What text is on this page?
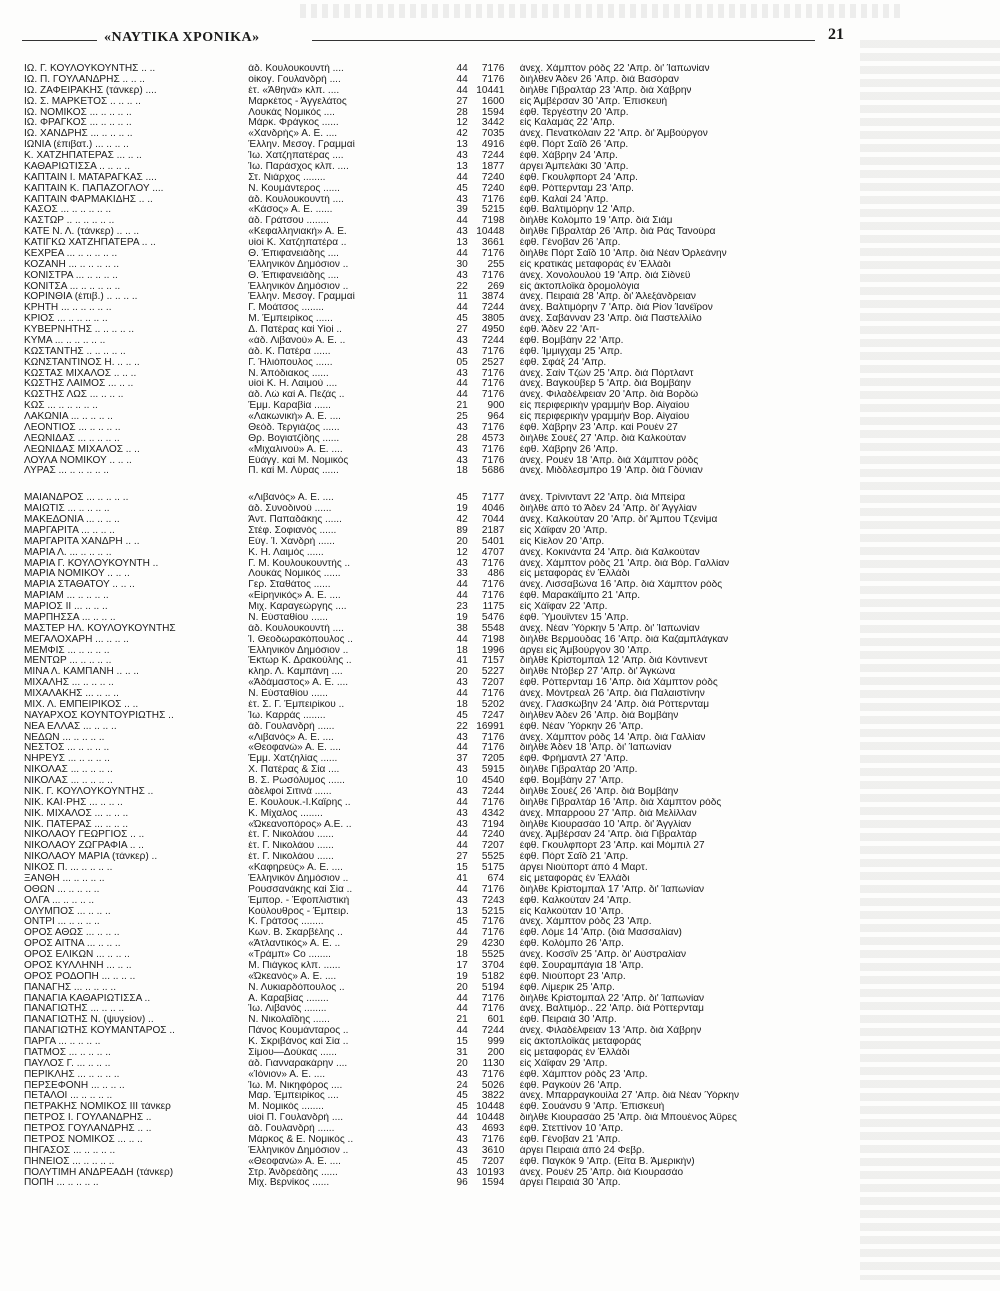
«ΝΑΥΤΙΚΑ ΧΡΟΝΙΚΑ»	21
ΙΩ. Γ. ΚΟΥΛΟΥΚΟΥΝΤΗΣ .. ..	άδ. Κουλουκουντή ....	44	7176 άνεχ. Χάμπτον ρόδς 22 'Απρ. δι' Ίαπωνίαν
ΙΩ. Π. ΓΟΥΛΑΝΔΡΗΣ .. .. ..	οίκογ. Γουλανδρή ....	44	7176 διήλθεν Άδεν 26 'Απρ. διά Βασόραν
ΙΩ. ΖΑΦΕΙΡΑΚΗΣ (τάνκερ) ....	έτ. «Άθηνά» κλπ. ....	44 10441 διήλθε Γιβραλτάρ 23 'Απρ. διά Χάβρην
ΙΩ. Σ. ΜΑΡΚΕΤΟΣ .. .. .. ..	Μαρκέτος - Άγγελάτος	27	1600 είς Άμβέρσαν 30 'Απρ. Έπισκευή
ΙΩ. ΝΟΜΙΚΟΣ ... .. .. .. ..	Λουκάς Νομικός ....	28	1594 έφθ. Τεργέστην 20 'Απρ.
ΙΩ. ΦΡΑΓΚΟΣ ... .. .. .. ..	Μάρκ. Φράγκος ......	12	3442 είς Καλαμάς 22 'Απρ.
ΙΩ. ΧΑΝΔΡΗΣ ... .. .. .. ..	«Χανδρής» Α. Ε. ....	42	7035 άνεχ. Πενατκόλαιν 22 'Απρ. δι' Άμβούργον
ΙΩΝΙΑ (έπιβατ.) ... .. .. ..	Έλλην. Μεσογ. Γραμμαί	13	4916 έφθ. Πόρτ Σαΐδ 26 'Απρ.
Κ. ΧΑΤΖΗΠΑΤΕΡΑΣ ... .. ..	Ίω. Χατζηπατέρας ....	43	7244 έφθ. Χάβρην 24 'Απρ.
ΚΑΘΑΡΙΩΤΙΣΣΑ .. .. .. ..	Ίω. Παράσχος κλπ. ....	13	1877 άργει Άμπελάκι 30 'Απρ.
ΚΑΠΤΑΙΝ Ι. ΜΑΤΑΡΑΓΚΑΣ ....	Στ. Νιάρχος ........	44	7240 έφθ. Γκουλφπορτ 24 'Απρ.
ΚΑΠΤΑΙΝ Κ. ΠΑΠΑΖΟΓΛΟΥ ....	Ν. Κουμάντερος ......	45	7240 έφθ. Ρόττερνταμ 23 'Απρ.
ΚΑΠΤΑΙΝ ΦΑΡΜΑΚΙΔΗΣ .. ..	άδ. Κουλουκουντή ....	43	7176 έφθ. Καλαί 24 'Απρ.
ΚΑΣΟΣ ... .. .. .. .. ..	«Κάσος» Α. Ε. ......	39	5215 έφθ. Βαλτιμόρην 12 'Απρ.
ΚΑΣΤΩΡ .. .. .. .. .. ..	άδ. Γράτσου ........	44	7198 διήλθε Κολόμπο 19 'Απρ. διά Σιάμ
ΚΑΤΕ Ν. Λ. (τάνκερ) .. .. ..	«Κεφαλληνιακή» Α. Ε.	43 10448 διήλθε Γιβραλτάρ 26 'Απρ. διά Ράς Τανούρα
ΚΑΤΙΓΚΩ ΧΑΤΖΗΠΑΤΕΡΑ .. ..	υίοί Κ. Χατζηπατέρα ..	13	3661 έφθ. Γένοβαν 26 'Απρ.
ΚΕΧΡΕΑ ... .. .. .. .. ..	Θ. Έπιφανειάδης ....	44	7176 διήλθε Πόρτ Σαΐδ 10 'Απρ. διά Νέαν Όρλεάνην
ΚΟΖΑΝΗ ... .. .. .. .. ..	Έλληνικόν Δημόσιον ..	30	255 είς κρατικάς μεταφοράς έν Έλλάδι
ΚΟΝΙΣΤΡΑ ... .. .. .. ..	Θ. Έπιφανειάδης ....	43	7176 άνεχ. Χονολουλού 19 'Απρ. διά Σίδνεϋ
ΚΟΝΙΤΣΑ ... .. .. .. .. ..	Έλληνικόν Δημόσιον ..	22	269 είς άκτοπλοϊκά δρομολόγια
ΚΟΡΙΝΘΙΑ (έπιβ.) .. .. .. ..	Έλλην. Μεσογ. Γραμμαί	11	3874 άνεχ. Πειραιά 28 'Απρ. δι' Άλεξάνδρειαν
ΚΡΗΤΗ ... .. .. .. .. ..	Γ. Μοάτσος ........	44	7244 άνεχ. Βαλτιμόρην 7 'Απρ. διά Ρίον Ίανέϊρον
ΚΡΙΟΣ ... .. .. .. .. ..	Μ. Έμπειρίκος ......	45	3805 άνεχ. Σαβάνναν 23 'Απρ. διά Παστελλίλο
ΚΥΒΕΡΝΗΤΗΣ .. .. .. .. ..	Δ. Πατέρας καί Υίοί ..	27	4950 έφθ. Άδεν 22 'Απ-
ΚΥΜΑ ... .. .. .. .. ..	«άδ. Λιβανού» Α. Ε. ..	43	7244 έφθ. Βομβάην 22 'Απρ.
ΚΩΣΤΑΝΤΗΣ .. .. .. .. ..	άδ. Κ. Πατέρα ......	43	7176 έφθ. Ίμμιγχαμ 25 'Απρ.
ΚΩΝΣΤΑΝΤΙΝΟΣ Η. .. .. ..	Γ. Ήλιόπουλος ......	05	2527 έφθ. Σφάξ 24 'Απρ.
ΚΩΣΤΑΣ ΜΙΧΑΛΟΣ .. .. ..	Ν. Άπόδιακος ......	43	7176 άνεχ. Σαίν Τζών 25 'Απρ. διά Πόρτλαντ
ΚΩΣΤΗΣ ΛΑΙΜΟΣ ... .. ..	υίοί Κ. Η. Λαιμού ....	44	7176 άνεχ. Βαγκούβερ 5 'Απρ. διά Βομβάην
ΚΩΣΤΗΣ ΛΩΣ ... .. .. ..	άδ. Λώ καί Α. Πεζάς ..	44	7176 άνεχ. Φιλαδέλφειαν 20 'Απρ. διά Βορδώ
ΚΩΣ ... .. .. .. .. ..	Έμμ. Καραβία ......	21	900 είς περιφερικήν γραμμήν Βορ. Αίγαίου
ΛΑΚΩΝΙΑ ... .. .. .. ..	«Λακωνική» Α. Ε. ....	25	964 είς περιφερικήν γραμμήν Βορ. Αίγαίου
ΛΕΟΝΤΙΟΣ ... .. .. .. ..	Θεόδ. Τεργιάζος ......	43	7176 έφθ. Χάβρην 23 'Απρ. καί Ρουέν 27
ΛΕΩΝΙΔΑΣ ... .. .. .. ..	Θρ. Βογιατζίδης ......	28	4573 διήλθε Σουέζ 27 'Απρ. διά Καλκούταν
ΛΕΩΝΙΔΑΣ ΜΙΧΑΛΟΣ .. ..	«Μιχαλινού» Α. Ε. ....	43	7176 έφθ. Χάβρην 26 'Απρ.
ΛΟΥΛΑ ΝΟΜΙΚΟΥ .. .. ..	Εύάγγ. καί Μ. Νομικός	43	7176 άνεχ. Ρουέν 18 'Απρ. διά Χάμπτον ρόδς
ΛΥΡΑΣ ... .. .. .. .. ..	Π. καί Μ. Λύρας ......	18	5686 άνεχ. Μιδδλεσμπρο 19 'Απρ. διά Γδύνιαν
ΜΑΙΑΝΔΡΟΣ ... .. .. .. ..	«Λιβανός» Α. Ε. ....	45	7177 άνεχ. Τρίνινταντ 22 'Απρ. διά Μπείρα
ΜΑΙΩΤΙΣ ... .. .. .. ..	άδ. Συνοδινού ......	19	4046 διήλθε άπό τό Άδεν 24 'Απρ. δι' Άγγλίαν
ΜΑΚΕΔΟΝΙΑ ... .. .. ..	Άντ. Παπαδάκης ......	42	7044 άνεχ. Καλκούταν 20 'Απρ. δι' Άμπου Τζενίμα
ΜΑΡΓΑΡΙΤΑ ... .. .. ..	Στέφ. Σοφιανός ......	89	2187 είς Χάϊφαν 20 'Απρ.
ΜΑΡΓΑΡΙΤΑ ΧΑΝΔΡΗ .. ..	Εύγ. Ί. Χανδρή ......	20	5401 είς Κίελον 20 'Απρ.
ΜΑΡΙΑ Λ. ... .. .. .. ..	Κ. Η. Λαιμός ......	12	4707 άνεχ. Κοκινάντα 24 'Απρ. διά Καλκούταν
ΜΑΡΙΑ Γ. ΚΟΥΛΟΥΚΟΥΝΤΗ ..	Γ. Μ. Κουλουκουντής ..	43	7176 άνεχ. Χάμπτον ρόδς 21 'Απρ. διά Βόρ. Γαλλίαν
ΜΑΡΙΑ ΝΟΜΙΚΟΥ .. .. ..	Λουκάς Νομικός ......	33	486 είς μεταφοράς έν Έλλάδι
ΜΑΡΙΑ ΣΤΑΘΑΤΟΥ .. .. ..	Γερ. Σταθάτος ......	44	7176 άνεχ. Λισσαβώνα 16 'Απρ. διά Χάμπτον ρόδς
ΜΑΡΙΑΜ ... .. .. .. ..	«Είρηνικός» Α. Ε. ....	44	7176 έφθ. Μαρακάϊμπο 21 'Απρ.
ΜΑΡΙΟΣ ΙΙ ... .. .. ..	Μιχ. Καραγεώργης ....	23	1175 είς Χάϊφαν 22 'Απρ.
ΜΑΡΠΗΣΣΑ ... .. .. ..	Ν. Εύσταθίου ......	19	5476 έφθ. Ύμουϊντεν 15 'Απρ.
ΜΑΣΤΕΡ ΗΛ. ΚΟΥΛΟΥΚΟΥΝΤΗΣ	άδ. Κουλουκουντή ....	38	5548 άνεχ. Νέαν Ύόρκην 5 'Απρ. δι' Ίαπωνίαν
ΜΕΓΑΛΟΧΑΡΗ ... .. .. ..	Ί. Θεοδωρακόπουλος ..	44	7198 διήλθε Βερμούδας 16 'Απρ. διά Καζαμπλάγκαν
ΜΕΜΦΙΣ ... .. .. .. ..	Έλληνικόν Δημόσιον ..	18	1996 άργει είς Άμβούργον 30 'Απρ.
ΜΕΝΤΩΡ ... .. .. .. ..	Έκτωρ Κ. Δρακούλης ..	41	7157 διήλθε Κρίστομπαλ 12 'Απρ. διά Κόντινεντ
ΜΙΝΑ Λ. ΚΑΜΠΑΝΗ .. .. ..	κληρ. Λ. Καμπάνη ....	20	5227 διήλθε Ντόβερ 27 'Απρ. δι' Άγκώνα
ΜΙΧΑΛΗΣ ... .. .. .. ..	«Άδάμαστος» Α. Ε. ....	43	7207 έφθ. Ρόττερνταμ 16 'Απρ. διά Χάμπτον ρόδς
ΜΙΧΑΛΑΚΗΣ ... .. .. ..	Ν. Εύσταθίου ......	44	7176 άνεχ. Μόντρεαλ 26 'Απρ. διά Παλαιστίνην
ΜΙΧ. Λ. ΕΜΠΕΙΡΙΚΟΣ .. ..	έτ. Σ. Γ. Έμπειρίκου ..	18	5202 άνεχ. Γλασκώβην 24 'Απρ. διά Ρόττερνταμ
ΝΑΥΑΡΧΟΣ ΚΟΥΝΤΟΥΡΙΩΤΗΣ ..	Ίω. Καρράς ........	45	7247 διήλθεν Άδεν 26 'Απρ. διά Βομβάην
ΝΕΑ ΕΛΛΑΣ ... .. .. ..	άδ. Γουλανδρή ......	22 16991 έφθ. Νέαν Ύόρκην 26 'Απρ.
ΝΕΔΩΝ ... .. .. .. ..	«Λιβανός» Α. Ε. ....	43	7176 άνεχ. Χάμπτον ρόδς 14 'Απρ. διά Γαλλίαν
ΝΕΣΤΟΣ ... .. .. .. ..	«Θεοφανώ» Α. Ε. ....	44	7176 διήλθε Άδεν 18 'Απρ. δι' Ίαπωνίαν
ΝΗΡΕΥΣ ... .. .. .. ..	Έμμ. Χατζηλίας ......	37	7205 έφθ. Φρήμαντλ 27 'Απρ.
ΝΙΚΟΛΑΣ ... .. .. .. ..	Χ. Πατέρας & Σία ....	43	5915 διήλθε Γιβραλτάρ 20 'Απρ.
ΝΙΚΟΛΑΣ ... .. .. .. ..	Β. Σ. Ρωσόλυμος ......	10	4540 έφθ. Βομβάην 27 'Απρ.
ΝΙΚ. Γ. ΚΟΥΛΟΥΚΟΥΝΤΗΣ ..	άδελφοί Σιτινά ......	43	7244 διήλθε Σουέζ 26 'Απρ. διά Βομβάην
ΝΙΚ. ΚΑΙ·ΡΗΣ ... .. .. ..	Ε. Κουλουκ.-Ι.Καϊρης ..	44	7176 διήλθε Γιβραλτάρ 16 'Απρ. διά Χάμπτον ρόδς
ΝΙΚ. ΜΙΧΑΛΟΣ ... .. .. ..	Κ. Μίχαλος ........	43	4342 άνεχ. Μπαρροου 27 'Απρ. διά Μελίλλαν
ΝΙΚ. ΠΑΤΕΡΑΣ ... .. .. ..	«Ώκεανοπόρος» Α.Ε. ..	43	7194 διήλθε Κιουρασάο 10 'Απρ. δι' Άγγλίαν
ΝΙΚΟΛΑΟΥ ΓΕΩΡΓΙΟΣ .. ..	έτ. Γ. Νικολάου ......	44	7240 άνεχ. Άμβέρσαν 24 'Απρ. διά Γιβραλτάρ
ΝΙΚΟΛΑΟΥ ΖΩΓΡΑΦΙΑ .. ..	έτ. Γ. Νικολάου ......	44	7207 έφθ. Γκουλφπορτ 23 'Απρ. καί Μόμπιλ 27
ΝΙΚΟΛΑΟΥ ΜΑΡΙΑ (τάνκερ) ..	έτ. Γ. Νικολάου ......	27	5525 έφθ. Πόρτ Σαΐδ 21 'Απρ.
ΝΙΚΟΣ Π. ... .. .. .. ..	«Καφηρεύς» Α. Ε. ....	15	5175 άργει Νιούπορτ άπό 4 Μαρτ.
ΞΑΝΘΗ ... .. .. .. ..	Έλληνικόν Δημόσιον ..	41	674 είς μεταφοράς έν Έλλάδι
ΟΘΩΝ ... .. .. .. ..	Ρουσσανάκης καί Σία ..	44	7176 διήλθε Κρίστομπαλ 17 'Απρ. δι' Ίαπωνίαν
ΟΛΓΑ ... .. .. .. ..	Έμπορ. - Έφοπλιστική	43	7243 έφθ. Καλκούταν 24 'Απρ.
ΟΛΥΜΠΟΣ ... .. .. ..	Κούλουθρος - Έμπειρ.	13	5215 είς Καλκούταν 10 'Απρ.
ΟΝΤΡΙ ... .. .. .. ..	Κ. Γράτσος ........	45	7176 άνεχ. Χάμπτον ρόδς 23 'Απρ.
ΟΡΟΣ ΑΘΩΣ ... .. .. ..	Κων. Β. Σκαρβέλης ..	44	7176 έφθ. Λόμε 14 'Απρ. (διά Μασσαλίαν)
ΟΡΟΣ ΑΙΤΝΑ ... .. .. ..	«Άτλαντικός» Α. Ε. ..	29	4230 έφθ. Κολόμπο 26 'Απρ.
ΟΡΟΣ ΕΛΙΚΩΝ ... .. .. ..	«Τράμπ» Co ........	18	5525 άνεχ. Κοσσϊν 25 'Απρ. δι' Αύστραλίαν
ΟΡΟΣ ΚΥΛΛΗΝΗ ... .. ..	Μ. Πιάγκος κλπ. ......	17	3704 έφθ. Σουραμπάγια 18 'Απρ.
ΟΡΟΣ ΡΟΔΟΠΗ ... .. .. ..	«Ώκεανός» Α. Ε. ....	19	5182 έφθ. Νιούπορτ 23 'Απρ.
ΠΑΝΑΓΗΣ ... .. .. .. ..	Ν. Λυκιαρδόπουλος ..	20	5194 έφθ. Λίμερικ 25 'Απρ.
ΠΑΝΑΓΙΑ ΚΑΘΑΡΙΩΤΙΣΣΑ ..	Α. Καραβίας ........	44	7176 διήλθε Κρίστομπαλ 22 'Απρ. δι' Ίαπωνίαν
ΠΑΝΑΓΙΩΤΗΣ ... .. .. ..	Ίω. Λιβανός ........	44	7176 άνεχ. Βαλτιμόρ.. 22 'Απρ. διά Ρόττερνταμ
ΠΑΝΑΓΙΩΤΗΣ Ν. (ψυγείον) ..	Ν. Νικολαΐδης ......	21	601 έφθ. Πειραιά 30 'Απρ.
ΠΑΝΑΓΙΩΤΗΣ ΚΟΥΜΑΝΤΑΡΟΣ ..	Πάνος Κουμάνταρος ..	44	7244 άνεχ. Φιλαδέλφειαν 13 'Απρ. διά Χάβρην
ΠΑΡΓΑ ... .. .. .. ..	Κ. Σκριβάνος καί Σία ..	15	999 είς άκτοπλοϊκάς μεταφοράς
ΠΑΤΜΟΣ ... .. .. .. ..	Σίμου—Δούκας ......	31	200 είς μεταφοράς έν Έλλάδι
ΠΑΥΛΟΣ Γ. ... .. .. ..	άδ. Γιανναρακάρην ....	20	1130 είς Χάϊφαν 29 'Απρ.
ΠΕΡΙΚΛΗΣ ... .. .. .. ..	«Ίόνιον» Α. Ε. ....	43	7176 έφθ. Χάμπτον ρόδς 23 'Απρ.
ΠΕΡΣΕΦΟΝΗ ... .. .. ..	Ίω. Μ. Νικηφόρος ....	24	5026 έφθ. Ραγκούν 26 'Απρ.
ΠΕΤΑΛΟΙ ... .. .. .. ..	Μαρ. Έμπειρίκος ....	45	3822 άνεχ. Μπαρραγκουίλα 27 'Απρ. διά Νέαν Ύόρκην
ΠΕΤΡΑΚΗΣ ΝΟΜΙΚΟΣ ΙΙΙ τάνκερ	Μ. Νομικός ........	45 10448 έφθ. Σουάνσυ 9 'Απρ. Έπισκευή
ΠΕΤΡΟΣ Ι. ΓΟΥΛΑΝΔΡΗΣ ..	υίοί Π. Γουλανδρή ....	44 10448 διήλθε Κιουρασάο 25 'Απρ. διά Μπουένος Άϋρες
ΠΕΤΡΟΣ ΓΟΥΛΑΝΔΡΗΣ .. ..	άδ. Γουλανδρή ......	43	4693 έφθ. Στεττίνον 10 'Απρ.
ΠΕΤΡΟΣ ΝΟΜΙΚΟΣ ... .. ..	Μάρκος & Ε. Νομικός ..	43	7176 έφθ. Γένοβαν 21 'Απρ.
ΠΗΓΑΣΟΣ ... .. .. .. ..	Έλληνικόν Δημόσιον ..	43	3610 άργει Πειραιά άπό 24 Φεβρ.
ΠΗΝΕΙΟΣ ... .. .. .. ..	«Θεοφανώ» Α. Ε. ....	45	7207 έφθ. Παγκόκ 9 'Απρ. (Είτα Β. Άμερικήν)
ΠΟΛΥΤΙΜΗ ΑΝΔΡΕΑΔΗ (τάνκερ)	Στρ. Άνδρεάδης ......	43 10193 άνεχ. Ρουέν 25 'Απρ. διά Κιουρασάο
ΠΟΠΗ ... .. .. .. ..	Μιχ. Βερνίκος ......	96	1594 άργει Πειραιά 30 'Απρ.
